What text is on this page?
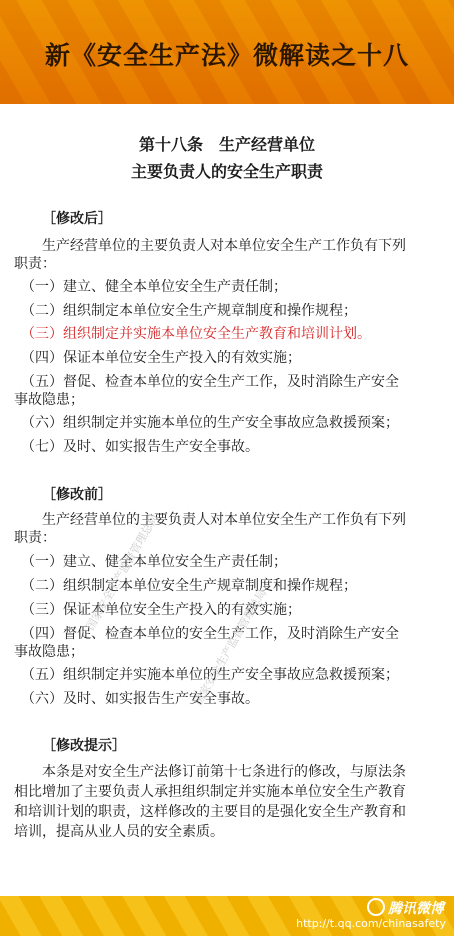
新《安全生产法》微解读之十八
第十八条　生产经营单位
主要负责人的安全生产职责
［修改后］
　　生产经营单位的主要负责人对本单位安全生产工作负有下列
职责：
　（一）建立、健全本单位安全生产责任制；
　（二）组织制定本单位安全生产规章制度和操作规程；
　（三）组织制定并实施本单位安全生产教育和培训计划。
　（四）保证本单位安全生产投入的有效实施；
　（五）督促、检查本单位的安全生产工作，及时消除生产安全
事故隐患；
　（六）组织制定并实施本单位的生产安全事故应急救援预案；
　（七）及时、如实报告生产安全事故。
［修改前］
　　生产经营单位的主要负责人对本单位安全生产工作负有下列
职责：
　（一）建立、健全本单位安全生产责任制；
　（二）组织制定本单位安全生产规章制度和操作规程；
　（三）保证本单位安全生产投入的有效实施；
　（四）督促、检查本单位的安全生产工作，及时消除生产安全
事故隐患；
　（五）组织制定并实施本单位的生产安全事故应急救援预案；
　（六）及时、如实报告生产安全事故。
［修改提示］
　　本条是对安全生产法修订前第十七条进行的修改，与原法条
相比增加了主要负责人承担组织制定并实施本单位安全生产教育
和培训计划的职责，这样修改的主要目的是强化安全生产教育和
培训，提高从业人员的安全素质。
国家安全生产监督管理总局
国家安全生产监督管理总局
腾讯微博
http://t.qq.com/chinasafety
